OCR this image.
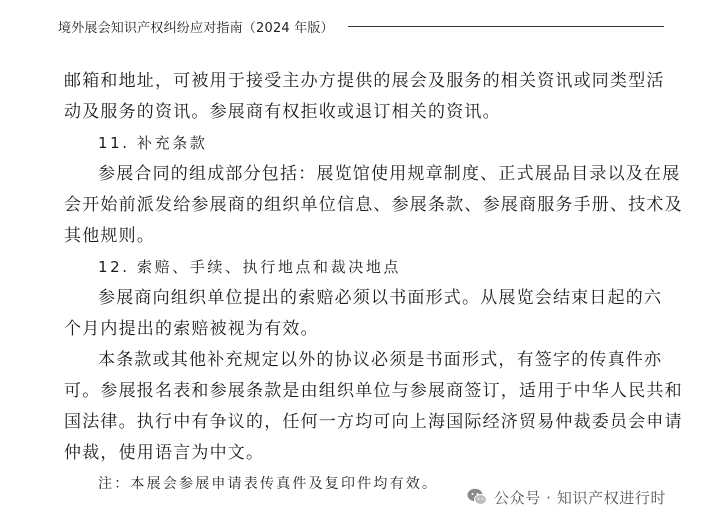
境外展会知识产权纠纷应对指南（2024 年版）
邮箱和地址，可被用于接受主办方提供的展会及服务的相关资讯或同类型活
动及服务的资讯。参展商有权拒收或退订相关的资讯。
11. 补充条款
参展合同的组成部分包括：展览馆使用规章制度、正式展品目录以及在展
会开始前派发给参展商的组织单位信息、参展条款、参展商服务手册、技术及
其他规则。
12. 索赔、手续、执行地点和裁决地点
参展商向组织单位提出的索赔必须以书面形式。从展览会结束日起的六
个月内提出的索赔被视为有效。
本条款或其他补充规定以外的协议必须是书面形式，有签字的传真件亦
可。参展报名表和参展条款是由组织单位与参展商签订，适用于中华人民共和
国法律。执行中有争议的，任何一方均可向上海国际经济贸易仲裁委员会申请
仲裁，使用语言为中文。
注：本展会参展申请表传真件及复印件均有效。
公众号 · 知识产权进行时
